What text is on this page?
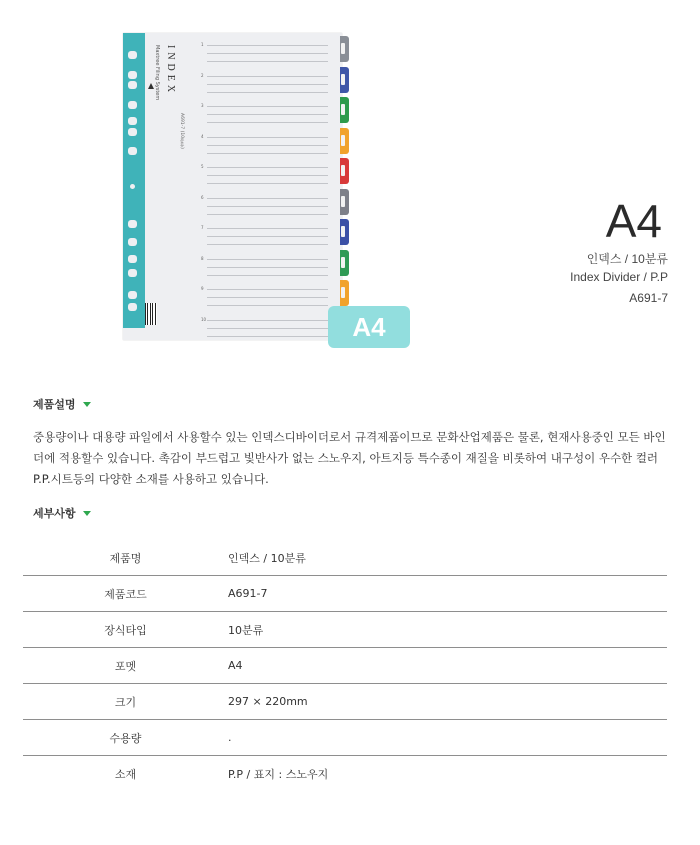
INDEX
Maxtree Filing System
A691-7 (10분류)
1
2
3
4
5
6
7
8
9
10	A4
A4
인덱스 / 10분류
Index Divider / P.P
A691-7
제품설명

중용량이나 대용량 파일에서 사용할수 있는 인덱스디바이더로서 규격제품이므로 문화산업제품은 물론, 현재사용중인 모든 바인더에 적용할수 있습니다. 촉감이 부드럽고 빛반사가 없는 스노우지, 아트지등 특수종이 재질을 비롯하여 내구성이 우수한 컬러 P.P.시트등의 다양한 소재를 사용하고 있습니다.

세부사항
제품명	인덱스 / 10분류
제품코드	A691-7
장식타입	10분류
포멧	A4
크기	297 × 220mm
수용량	.
소재	P.P / 표지 : 스노우지
